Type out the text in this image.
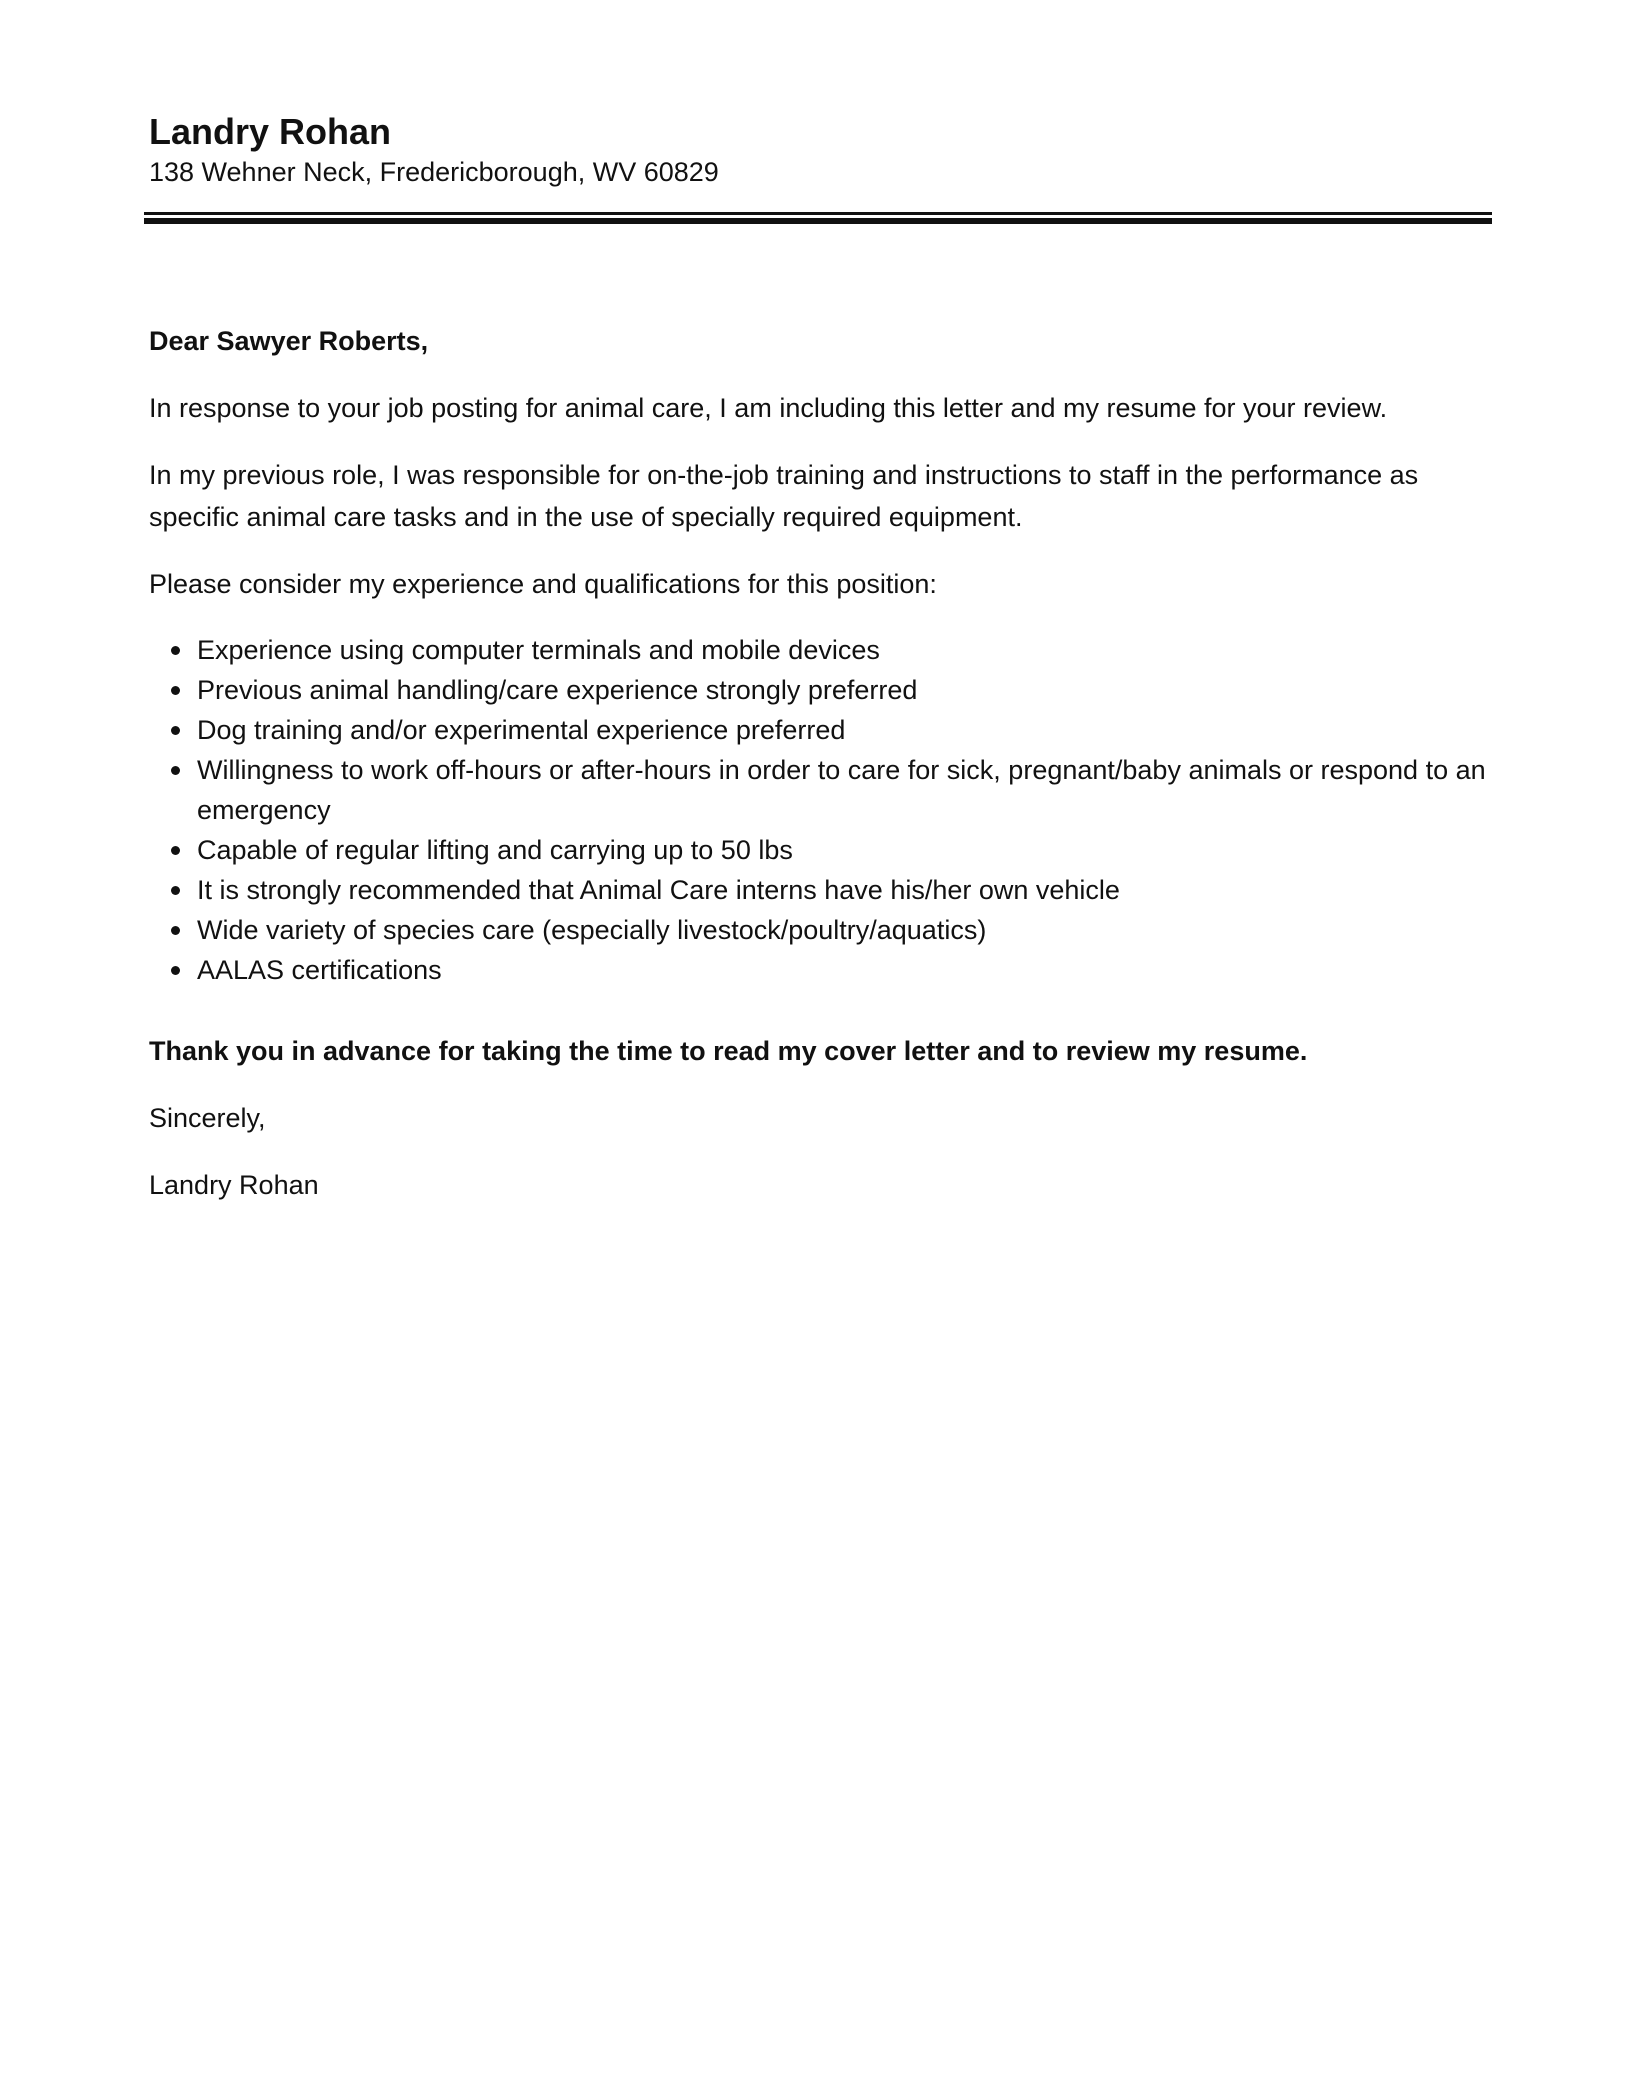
Landry Rohan

138 Wehner Neck, Fredericborough, WV 60829

Dear Sawyer Roberts,

In response to your job posting for animal care, I am including this letter and my resume for your review.

In my previous role, I was responsible for on-the-job training and instructions to staff in the performance as specific animal care tasks and in the use of specially required equipment.

Please consider my experience and qualifications for this position:

Experience using computer terminals and mobile devices
Previous animal handling/care experience strongly preferred
Dog training and/or experimental experience preferred
Willingness to work off-hours or after-hours in order to care for sick, pregnant/baby animals or respond to an emergency
Capable of regular lifting and carrying up to 50 lbs
It is strongly recommended that Animal Care interns have his/her own vehicle
Wide variety of species care (especially livestock/poultry/aquatics)
AALAS certifications

Thank you in advance for taking the time to read my cover letter and to review my resume.

Sincerely,

Landry Rohan
